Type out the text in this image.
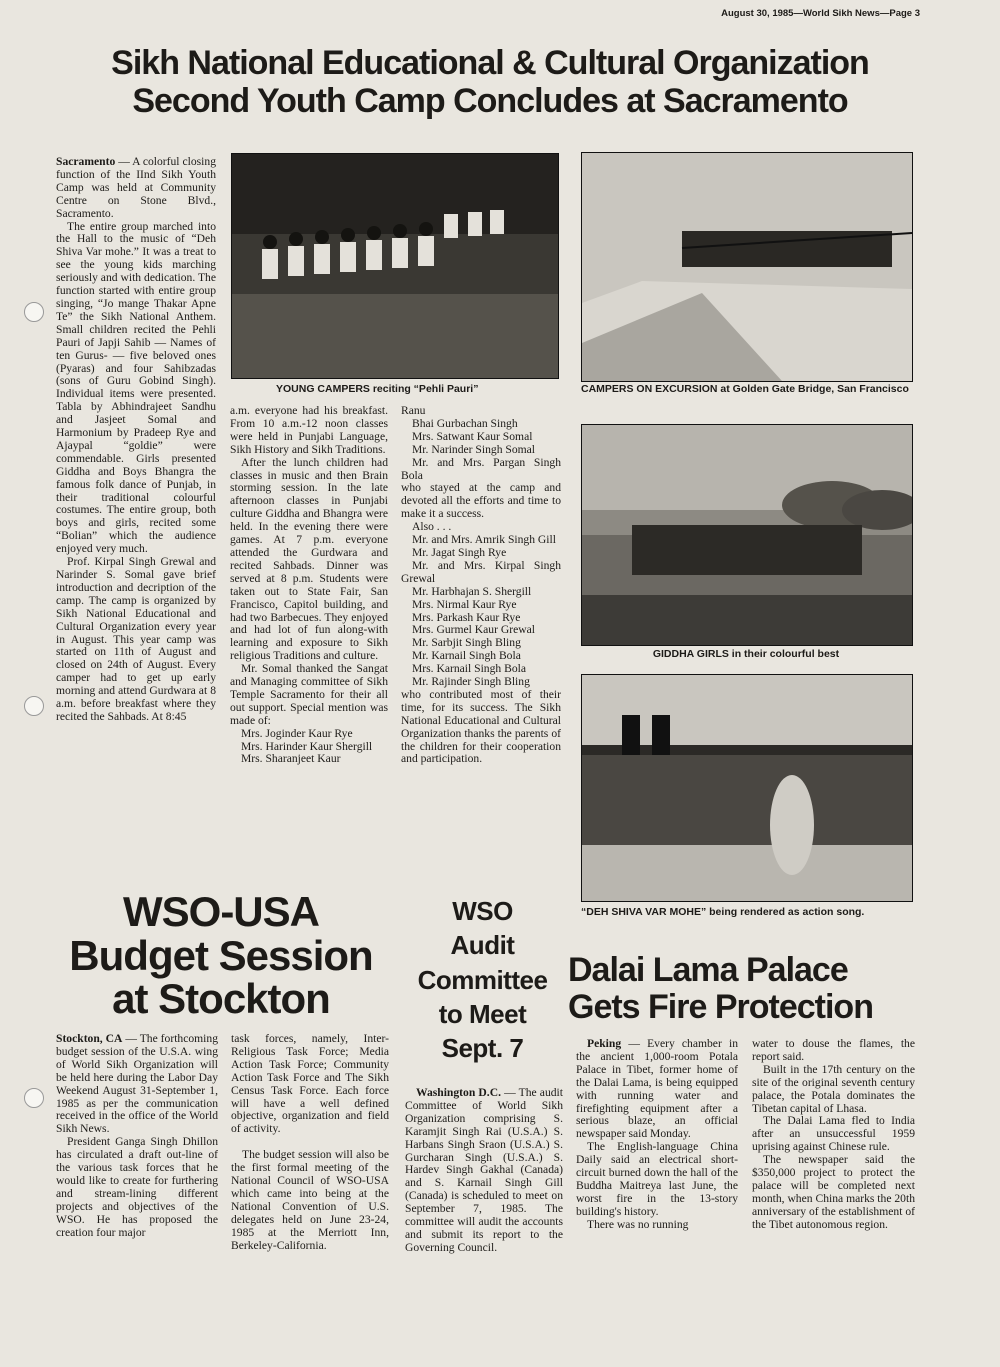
August 30, 1985—World Sikh News—Page 3
Sikh National Educational & Cultural Organization
Second Youth Camp Concludes at Sacramento

Sacramento — A colorful closing function of the IInd Sikh Youth Camp was held at Community Centre on Stone Blvd., Sacramento.

The entire group marched into the Hall to the music of “Deh Shiva Var mohe.” It was a treat to see the young kids marching seriously and with dedication. The function started with entire group singing, “Jo mange Thakar Apne Te” the Sikh National Anthem. Small children recited the Pehli Pauri of Japji Sahib — Names of ten Gurus- — five beloved ones (Pyaras) and four Sahibzadas (sons of Guru Gobind Singh). Individual items were presented. Tabla by Abhindrajeet Sandhu and Jasjeet Somal and Harmonium by Pradeep Rye and Ajaypal “goldie” were commendable. Girls presented Giddha and Boys Bhangra the famous folk dance of Punjab, in their traditional colourful costumes. The entire group, both boys and girls, recited some “Bolian” which the audience enjoyed very much.

Prof. Kirpal Singh Grewal and Narinder S. Somal gave brief introduction and decription of the camp. The camp is organized by Sikh National Educational and Cultural Organization every year in August. This year camp was started on 11th of August and closed on 24th of August. Every camper had to get up early morning and attend Gurdwara at 8 a.m. before breakfast where they recited the Sahbads. At 8:45

YOUNG CAMPERS reciting “Pehli Pauri”	CAMPERS ON EXCURSION at Golden Gate Bridge, San Francisco

a.m. everyone had his breakfast. From 10 a.m.-12 noon classes were held in Punjabi Language, Sikh History and Sikh Traditions.

After the lunch children had classes in music and then Brain storming session. In the late afternoon classes in Punjabi culture Giddha and Bhangra were held. In the evening there were games. At 7 p.m. everyone attended the Gurdwara and recited Sahbads. Dinner was served at 8 p.m. Students were taken out to State Fair, San Francisco, Capitol building, and had two Barbecues. They enjoyed and had lot of fun along-with learning and exposure to Sikh religious Traditions and culture.

Mr. Somal thanked the Sangat and Managing committee of Sikh Temple Sacramento for their all out support. Special mention was made of:

Mrs. Joginder Kaur Rye

Mrs. Harinder Kaur Shergill

Mrs. Sharanjeet Kaur

Ranu

Bhai Gurbachan Singh

Mrs. Satwant Kaur Somal

Mr. Narinder Singh Somal

Mr. and Mrs. Pargan Singh Bola

who stayed at the camp and devoted all the efforts and time to make it a success.

Also . . .

Mr. and Mrs. Amrik Singh Gill

Mr. Jagat Singh Rye

Mr. and Mrs. Kirpal Singh Grewal

Mr. Harbhajan S. Shergill

Mrs. Nirmal Kaur Rye

Mrs. Parkash Kaur Rye

Mrs. Gurmel Kaur Grewal

Mr. Sarbjit Singh Bling

Mr. Karnail Singh Bola

Mrs. Karnail Singh Bola

Mr. Rajinder Singh Bling

who contributed most of their time, for its success. The Sikh National Educational and Cultural Organization thanks the parents of the children for their cooperation and participation.

GIDDHA GIRLS in their colourful best
“DEH SHIVA VAR MOHE” being rendered as action song.
WSO-USA
Budget Session
at Stockton
WSO
Audit
Committee
to Meet
Sept. 7
Dalai Lama Palace
Gets Fire Protection

Stockton, CA — The forthcoming budget session of the U.S.A. wing of World Sikh Organization will be held here during the Labor Day Weekend August 31-September 1, 1985 as per the communication received in the office of the World Sikh News.

President Ganga Singh Dhillon has circulated a draft out-line of the various task forces that he would like to create for furthering and stream-lining different projects and objectives of the WSO. He has proposed the creation four major

task forces, namely, Inter-Religious Task Force; Media Action Task Force; Community Action Task Force and The Sikh Census Task Force. Each force will have a well defined objective, organization and field of activity.

The budget session will also be the first formal meeting of the National Council of WSO-USA which came into being at the National Convention of U.S. delegates held on June 23-24, 1985 at the Merriott Inn, Berkeley-California.

Washington D.C. — The audit Committee of World Sikh Organization comprising S. Karamjit Singh Rai (U.S.A.) S. Harbans Singh Sraon (U.S.A.) S. Gurcharan Singh (U.S.A.) S. Hardev Singh Gakhal (Canada) and S. Karnail Singh Gill (Canada) is scheduled to meet on September 7, 1985. The committee will audit the accounts and submit its report to the Governing Council.

Peking — Every chamber in the ancient 1,000-room Potala Palace in Tibet, former home of the Dalai Lama, is being equipped with running water and firefighting equipment after a serious blaze, an official newspaper said Monday.

The English-language China Daily said an electrical short-circuit burned down the hall of the Buddha Maitreya last June, the worst fire in the 13-story building's history.

There was no running

water to douse the flames, the report said.

Built in the 17th century on the site of the original seventh century palace, the Potala dominates the Tibetan capital of Lhasa.

The Dalai Lama fled to India after an unsuccessful 1959 uprising against Chinese rule.

The newspaper said the $350,000 project to protect the palace will be completed next month, when China marks the 20th anniversary of the establishment of the Tibet autonomous region.
